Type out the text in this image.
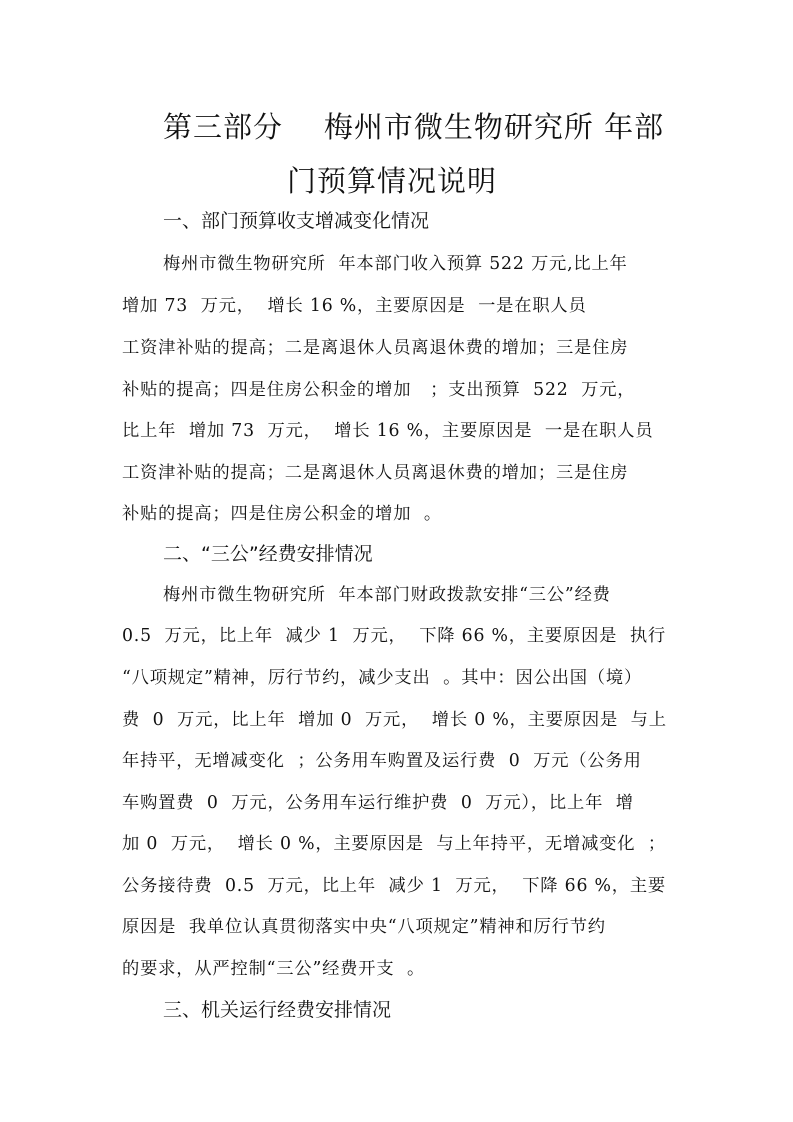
第三部分    梅州市微生物研究所 年部
门预算情况说明
一、部门预算收支增减变化情况
梅州市微生物研究所  年本部门收入预算 522 万元,比上年
增加 73  万元，  增长 16 %，主要原因是  一是在职人员
工资津补贴的提高；二是离退休人员离退休费的增加；三是住房
补贴的提高；四是住房公积金的增加   ；支出预算  522  万元，
比上年  增加 73  万元，  增长 16 %，主要原因是  一是在职人员
工资津补贴的提高；二是离退休人员离退休费的增加；三是住房
补贴的提高；四是住房公积金的增加  。
二、“三公”经费安排情况
梅州市微生物研究所  年本部门财政拨款安排“三公”经费
0.5  万元，比上年  减少 1  万元，  下降 66 %，主要原因是  执行
“八项规定”精神，厉行节约，减少支出  。其中：因公出国（境）
费  0  万元，比上年  增加 0  万元，  增长 0 %，主要原因是  与上
年持平，无增减变化  ；公务用车购置及运行费  0  万元（公务用
车购置费  0  万元，公务用车运行维护费  0  万元），比上年  增
加 0  万元，  增长 0 %，主要原因是  与上年持平，无增减变化  ；
公务接待费  0.5  万元，比上年  减少 1  万元，  下降 66 %，主要
原因是  我单位认真贯彻落实中央“八项规定”精神和厉行节约
的要求，从严控制“三公”经费开支  。
三、机关运行经费安排情况
